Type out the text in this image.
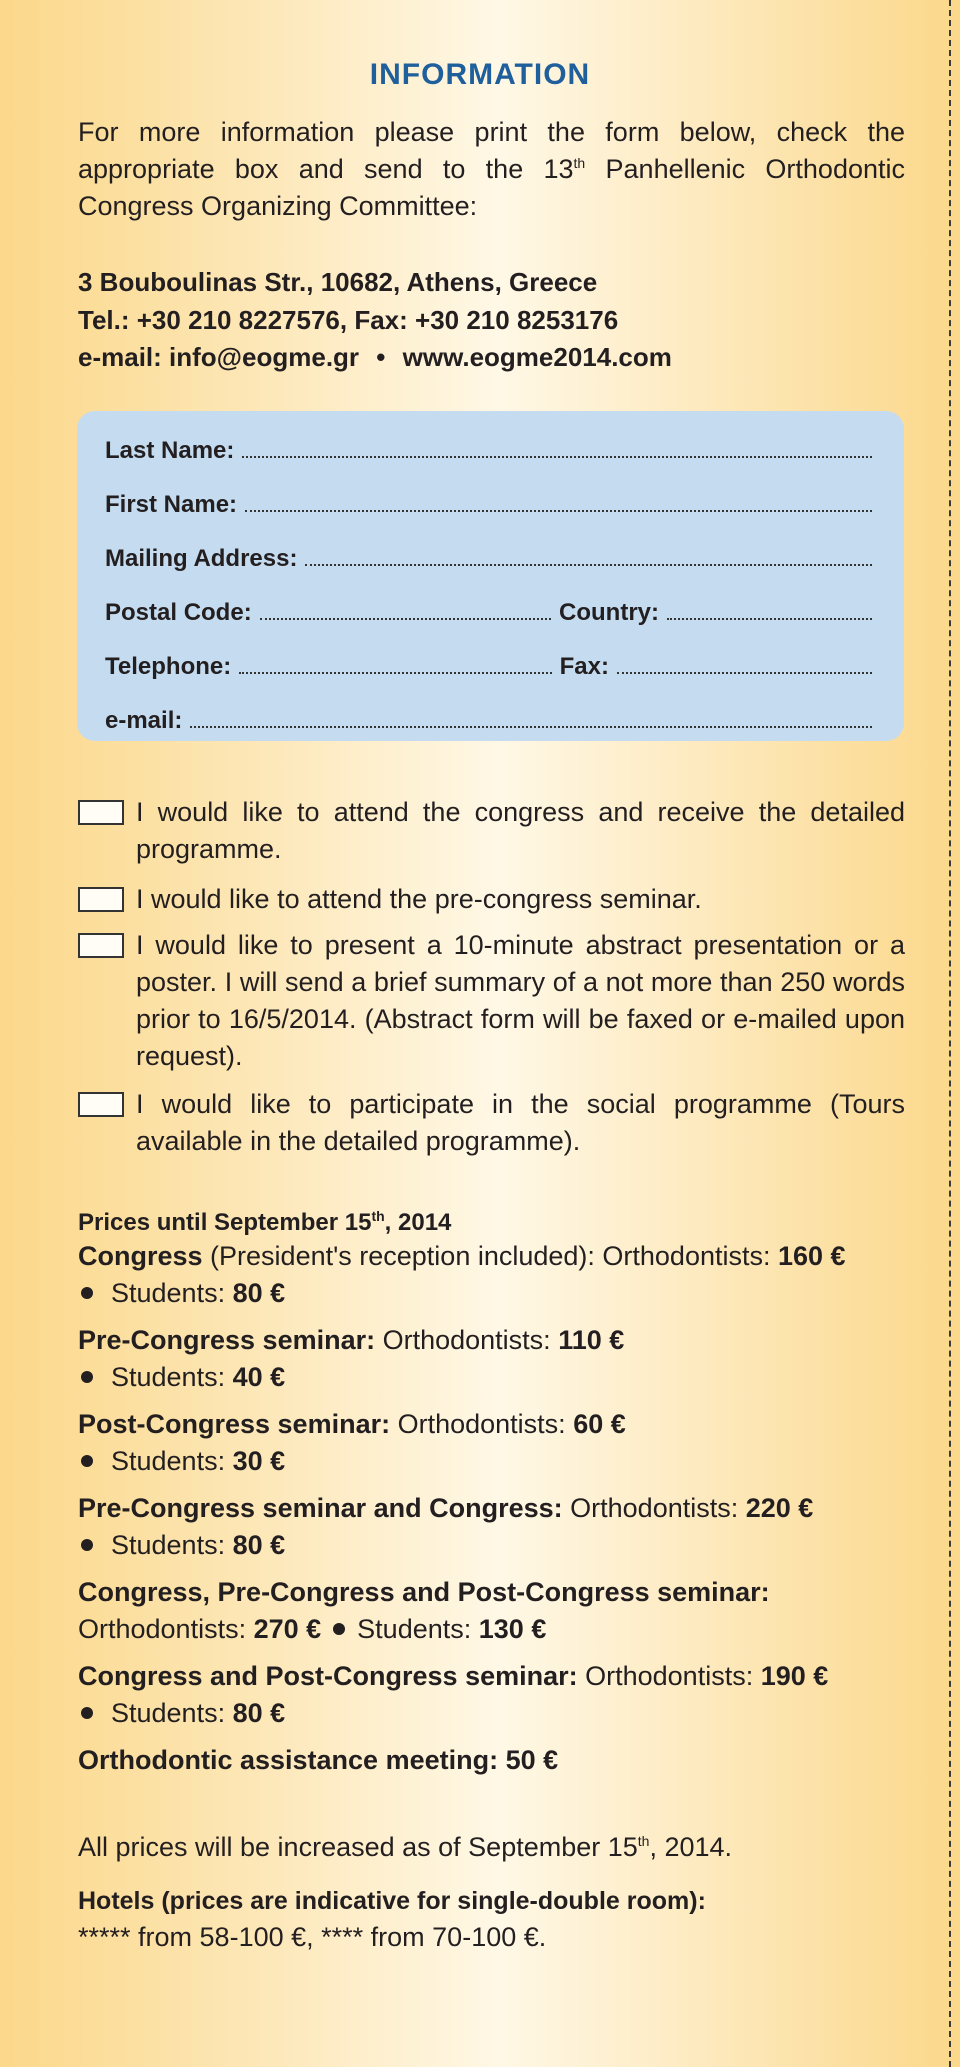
INFORMATION

For more information please print the form below, check the appropriate box and send to the 13th Panhellenic Orthodontic Congress Organizing Committee:

3 Bouboulinas Str., 10682, Athens, Greece
Tel.: +30 210 8227576, Fax: +30 210 8253176
e-mail: info@eogme.gr • www.eogme2014.com
Last Name:
First Name:
Mailing Address:
Postal Code:	Country:
Telephone:	Fax:
e-mail:

I would like to attend the congress and receive the detailed programme.

I would like to attend the pre-congress seminar.

I would like to present a 10-minute abstract presentation or a poster. I will send a brief summary of a not more than 250 words prior to 16/5/2014. (Abstract form will be faxed or e-mailed upon request).

I would like to participate in the social programme (Tours available in the detailed programme).

Prices until September 15th, 2014
Congress (President's reception included): Orthodontists: 160 €
Students: 80 €
Pre-Congress seminar: Orthodontists: 110 €
Students: 40 €
Post-Congress seminar: Orthodontists: 60 €
Students: 30 €
Pre-Congress seminar and Congress: Orthodontists: 220 €
Students: 80 €
Congress, Pre-Congress and Post-Congress seminar:
Orthodontists: 270 € Students: 130 €
Congress and Post-Congress seminar: Orthodontists: 190 €
Students: 80 €
Orthodontic assistance meeting: 50 €
All prices will be increased as of September 15th, 2014.
Hotels (prices are indicative for single-double room):
***** from 58-100 €, **** from 70-100 €.
